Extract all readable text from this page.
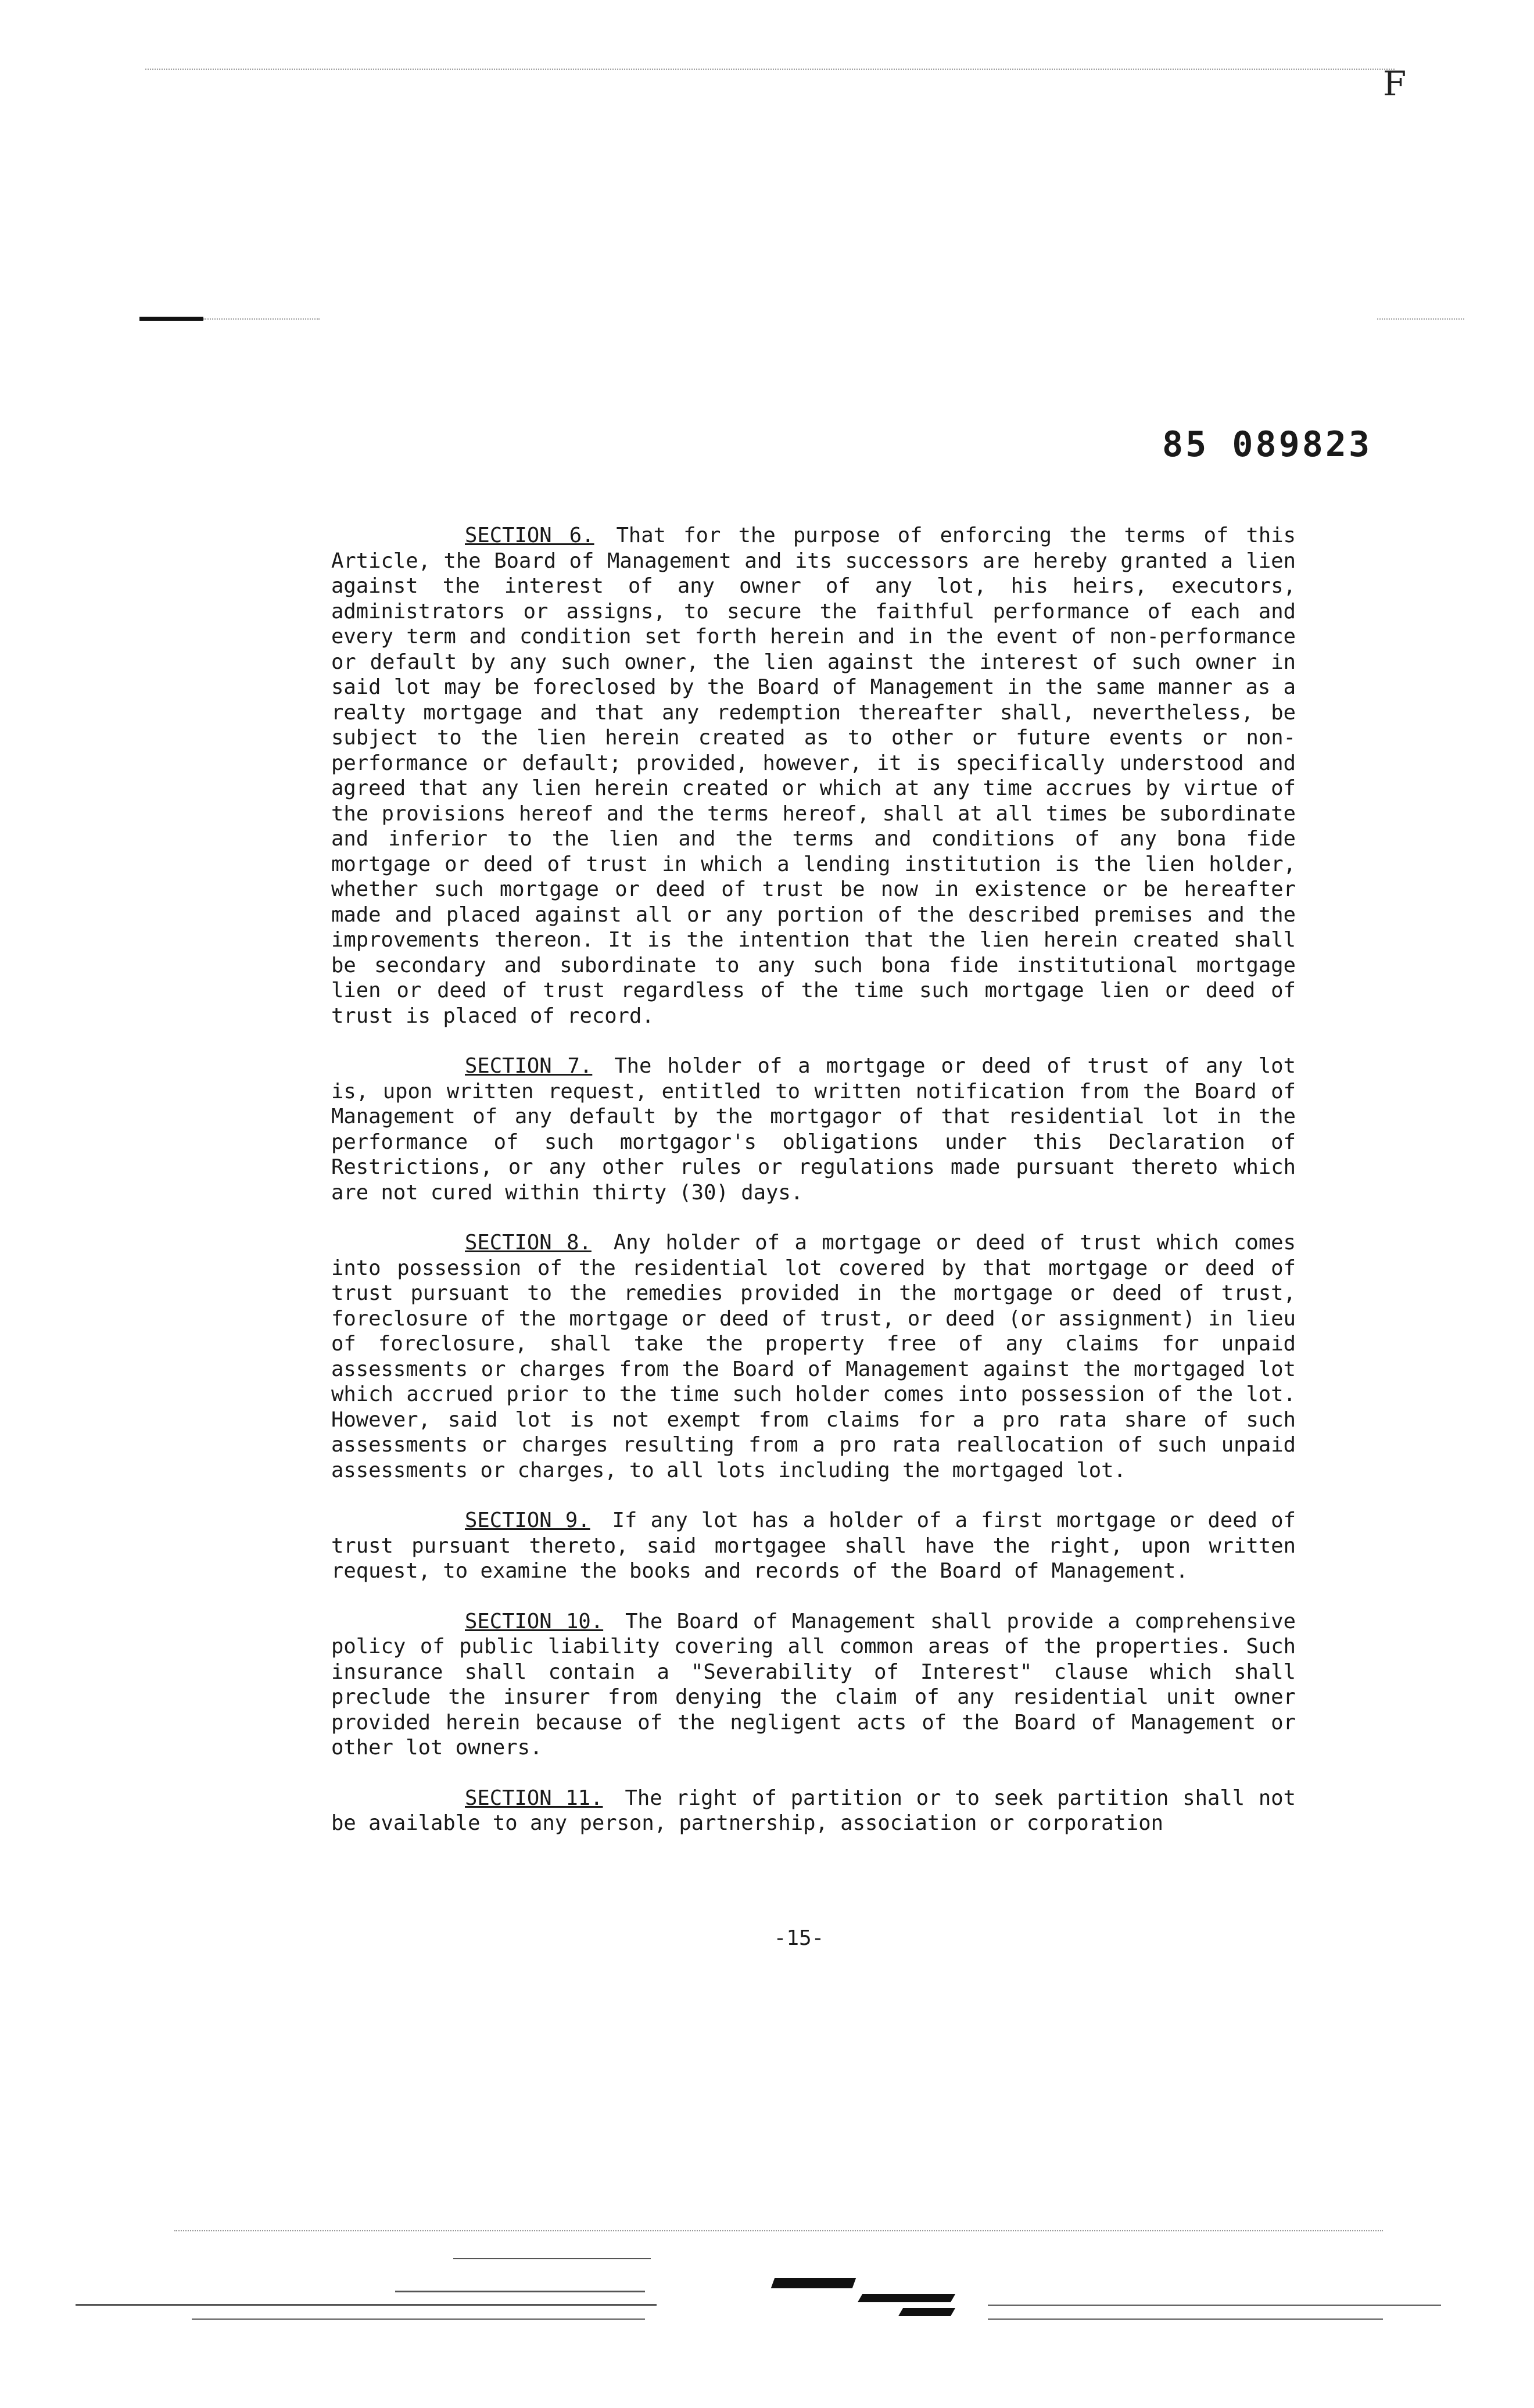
F
85 089823

SECTION 6. That for the purpose of enforcing the terms of this Article, the Board of Management and its successors are hereby granted a lien against the interest of any owner of any lot, his heirs, executors, administrators or assigns, to secure the faithful performance of each and every term and condition set forth herein and in the event of non-performance or default by any such owner, the lien against the interest of such owner in said lot may be foreclosed by the Board of Management in the same manner as a realty mortgage and that any redemption thereafter shall, nevertheless, be subject to the lien herein created as to other or future events or non-performance or default; provided, however, it is specifically understood and agreed that any lien herein created or which at any time accrues by virtue of the provisions hereof and the terms hereof, shall at all times be subordinate and inferior to the lien and the terms and conditions of any bona fide mortgage or deed of trust in which a lending institution is the lien holder, whether such mortgage or deed of trust be now in existence or be hereafter made and placed against all or any portion of the described premises and the improvements thereon. It is the intention that the lien herein created shall be secondary and subordinate to any such bona fide institutional mortgage lien or deed of trust regardless of the time such mortgage lien or deed of trust is placed of record.

SECTION 7. The holder of a mortgage or deed of trust of any lot is, upon written request, entitled to written notification from the Board of Management of any default by the mortgagor of that residential lot in the performance of such mortgagor's obligations under this Declaration of Restrictions, or any other rules or regulations made pursuant thereto which are not cured within thirty (30) days.

SECTION 8. Any holder of a mortgage or deed of trust which comes into possession of the residential lot covered by that mortgage or deed of trust pursuant to the remedies provided in the mortgage or deed of trust, foreclosure of the mortgage or deed of trust, or deed (or assignment) in lieu of foreclosure, shall take the property free of any claims for unpaid assessments or charges from the Board of Management against the mortgaged lot which accrued prior to the time such holder comes into possession of the lot. However, said lot is not exempt from claims for a pro rata share of such assessments or charges resulting from a pro rata reallocation of such unpaid assessments or charges, to all lots including the mortgaged lot.

SECTION 9. If any lot has a holder of a first mortgage or deed of trust pursuant thereto, said mortgagee shall have the right, upon written request, to examine the books and records of the Board of Management.

SECTION 10. The Board of Management shall provide a comprehensive policy of public liability covering all common areas of the properties. Such insurance shall contain a "Severability of Interest" clause which shall preclude the insurer from denying the claim of any residential unit owner provided herein because of the negligent acts of the Board of Management or other lot owners.

SECTION 11. The right of partition or to seek partition shall not be available to any person, partnership, association or corporation

-15-
